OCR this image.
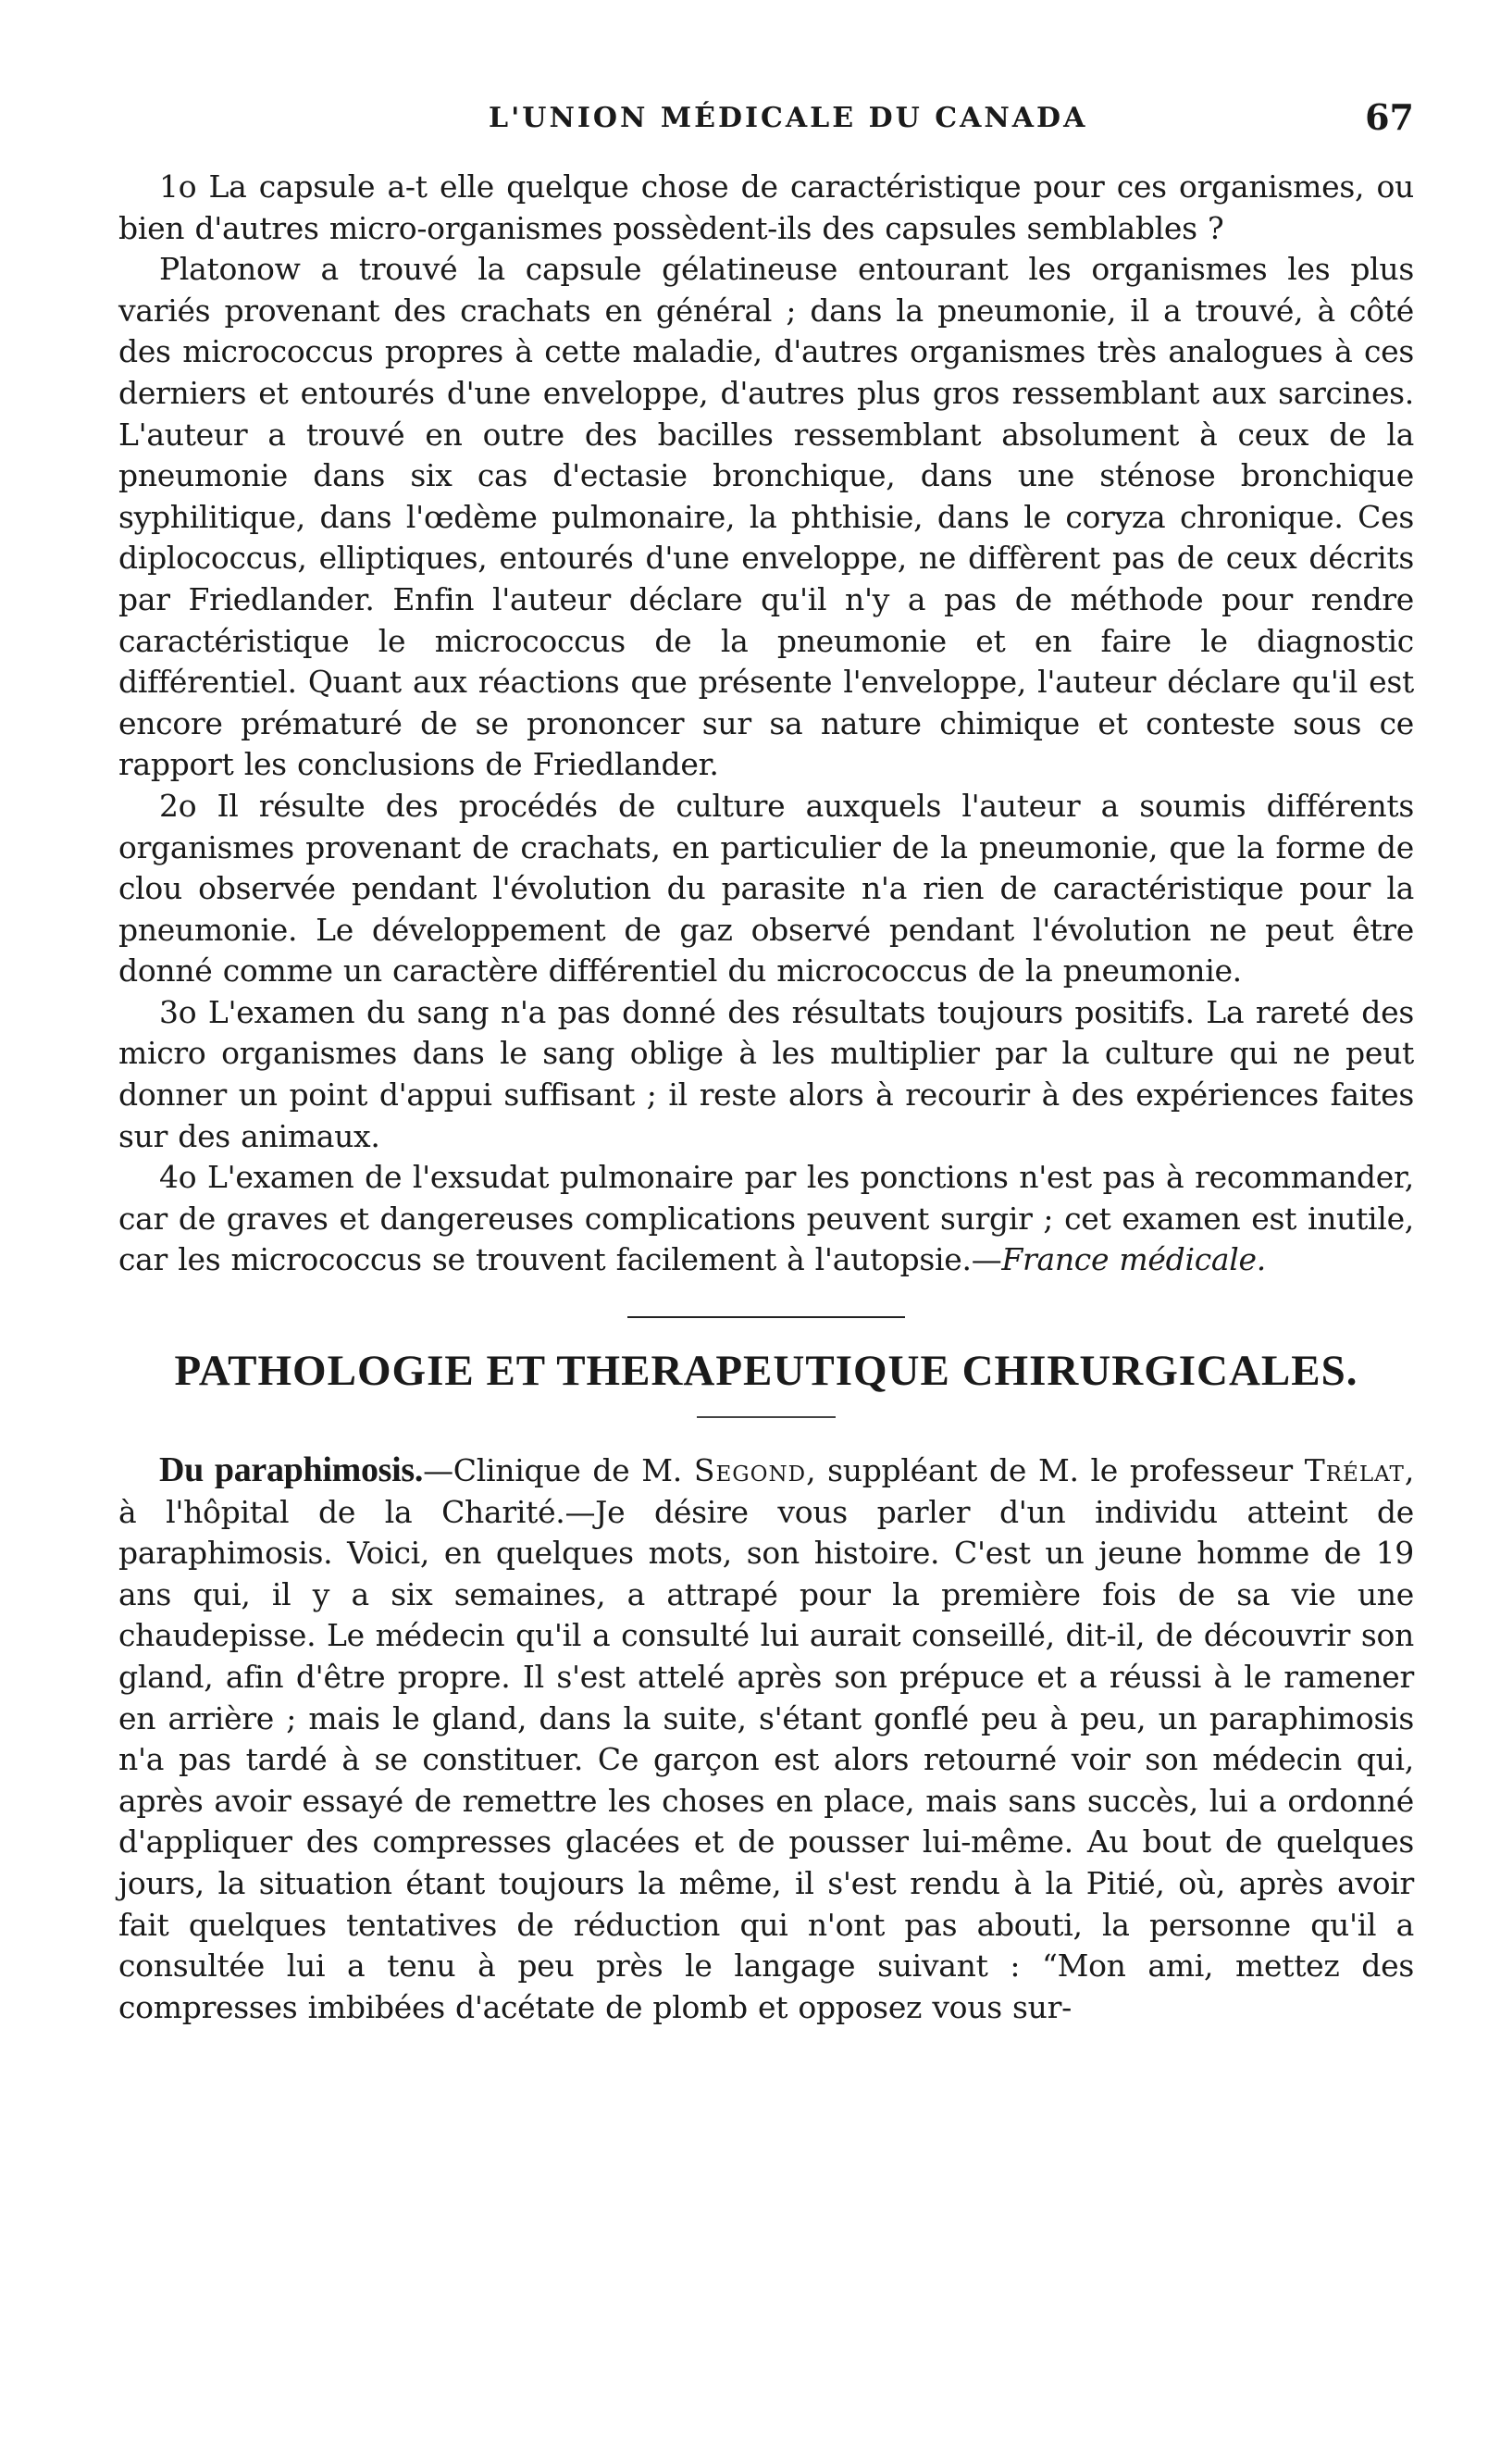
L'UNION MÉDICALE DU CANADA	67

1o La capsule a-t elle quelque chose de caractéristique pour ces organismes, ou bien d'autres micro-organismes possèdent-ils des capsules semblables ?

Platonow a trouvé la capsule gélatineuse entourant les organismes les plus variés provenant des crachats en général ; dans la pneumonie, il a trouvé, à côté des micrococcus propres à cette maladie, d'autres organismes très analogues à ces derniers et entourés d'une enveloppe, d'autres plus gros ressemblant aux sarcines. L'auteur a trouvé en outre des bacilles ressemblant absolument à ceux de la pneumonie dans six cas d'ectasie bronchique, dans une sténose bronchique syphilitique, dans l'œdème pulmonaire, la phthisie, dans le coryza chronique. Ces diplococcus, elliptiques, entourés d'une enveloppe, ne diffèrent pas de ceux décrits par Friedlander. Enfin l'auteur déclare qu'il n'y a pas de méthode pour rendre caractéristique le micrococcus de la pneumonie et en faire le diagnostic différentiel. Quant aux réactions que présente l'enveloppe, l'auteur déclare qu'il est encore prématuré de se prononcer sur sa nature chimique et conteste sous ce rapport les conclusions de Friedlander.

2o Il résulte des procédés de culture auxquels l'auteur a soumis différents organismes provenant de crachats, en particulier de la pneumonie, que la forme de clou observée pendant l'évolution du parasite n'a rien de caractéristique pour la pneumonie. Le développement de gaz observé pendant l'évolution ne peut être donné comme un caractère différentiel du micrococcus de la pneumonie.

3o L'examen du sang n'a pas donné des résultats toujours positifs. La rareté des micro organismes dans le sang oblige à les multiplier par la culture qui ne peut donner un point d'appui suffisant ; il reste alors à recourir à des expériences faites sur des animaux.

4o L'examen de l'exsudat pulmonaire par les ponctions n'est pas à recommander, car de graves et dangereuses complications peuvent surgir ; cet examen est inutile, car les micrococcus se trouvent facilement à l'autopsie.—France médicale.

PATHOLOGIE ET THERAPEUTIQUE CHIRURGICALES.

Du paraphimosis.—Clinique de M. Segond, suppléant de M. le professeur Trélat, à l'hôpital de la Charité.—Je désire vous parler d'un individu atteint de paraphimosis. Voici, en quelques mots, son histoire. C'est un jeune homme de 19 ans qui, il y a six semaines, a attrapé pour la première fois de sa vie une chaudepisse. Le médecin qu'il a consulté lui aurait conseillé, dit-il, de découvrir son gland, afin d'être propre. Il s'est attelé après son prépuce et a réussi à le ramener en arrière ; mais le gland, dans la suite, s'étant gonflé peu à peu, un paraphimosis n'a pas tardé à se constituer. Ce garçon est alors retourné voir son médecin qui, après avoir essayé de remettre les choses en place, mais sans succès, lui a ordonné d'appliquer des compresses glacées et de pousser lui-même. Au bout de quelques jours, la situation étant toujours la même, il s'est rendu à la Pitié, où, après avoir fait quelques tentatives de réduction qui n'ont pas abouti, la personne qu'il a consultée lui a tenu à peu près le langage suivant : “Mon ami, mettez des compresses imbibées d'acétate de plomb et opposez vous sur-
